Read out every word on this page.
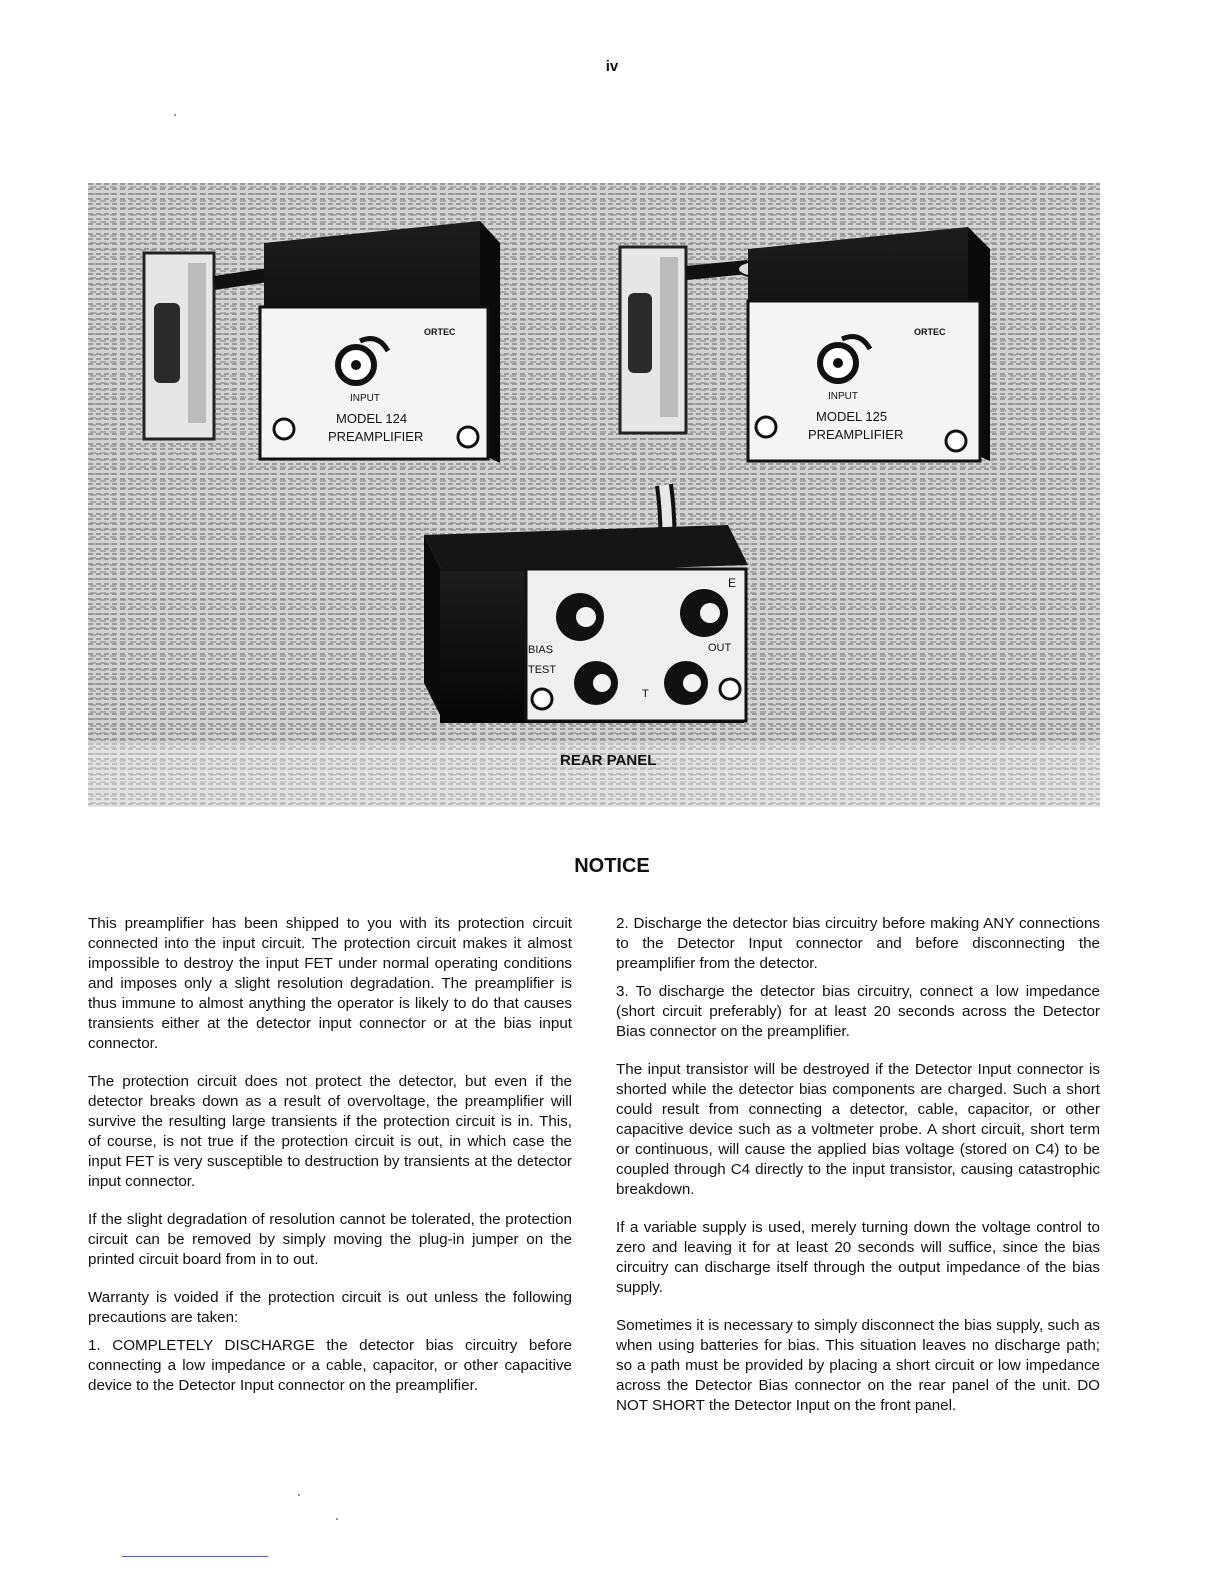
iv
ORTEC
INPUT
MODEL 124
PREAMPLIFIER
ORTEC
INPUT
MODEL 125
PREAMPLIFIER
E
BIAS
TEST
OUT
T
REAR PANEL
NOTICE

This preamplifier has been shipped to you with its protection circuit connected into the input circuit. The protection circuit makes it almost impossible to destroy the input FET under normal operating conditions and imposes only a slight resolution degradation. The preamplifier is thus immune to almost anything the operator is likely to do that causes transients either at the detector input connector or at the bias input connector.

The protection circuit does not protect the detector, but even if the detector breaks down as a result of overvoltage, the preamplifier will survive the resulting large transients if the protection circuit is in. This, of course, is not true if the protection circuit is out, in which case the input FET is very susceptible to destruction by transients at the detector input connector.

If the slight degradation of resolution cannot be tolerated, the protection circuit can be removed by simply moving the plug-in jumper on the printed circuit board from in to out.

Warranty is voided if the protection circuit is out unless the following precautions are taken:

1. COMPLETELY DISCHARGE the detector bias circuitry before connecting a low impedance or a cable, capacitor, or other capacitive device to the Detector Input connector on the preamplifier.

2. Discharge the detector bias circuitry before making ANY connections to the Detector Input connector and before disconnecting the preamplifier from the detector.

3. To discharge the detector bias circuitry, connect a low impedance (short circuit preferably) for at least 20 seconds across the Detector Bias connector on the preamplifier.

The input transistor will be destroyed if the Detector Input connector is shorted while the detector bias components are charged. Such a short could result from connecting a detector, cable, capacitor, or other capacitive device such as a voltmeter probe. A short circuit, short term or continuous, will cause the applied bias voltage (stored on C4) to be coupled through C4 directly to the input transistor, causing catastrophic breakdown.

If a variable supply is used, merely turning down the voltage control to zero and leaving it for at least 20 seconds will suffice, since the bias circuitry can discharge itself through the output impedance of the bias supply.

Sometimes it is necessary to simply disconnect the bias supply, such as when using batteries for bias. This situation leaves no discharge path; so a path must be provided by placing a short circuit or low impedance across the Detector Bias connector on the rear panel of the unit. DO NOT SHORT the Detector Input on the front panel.
